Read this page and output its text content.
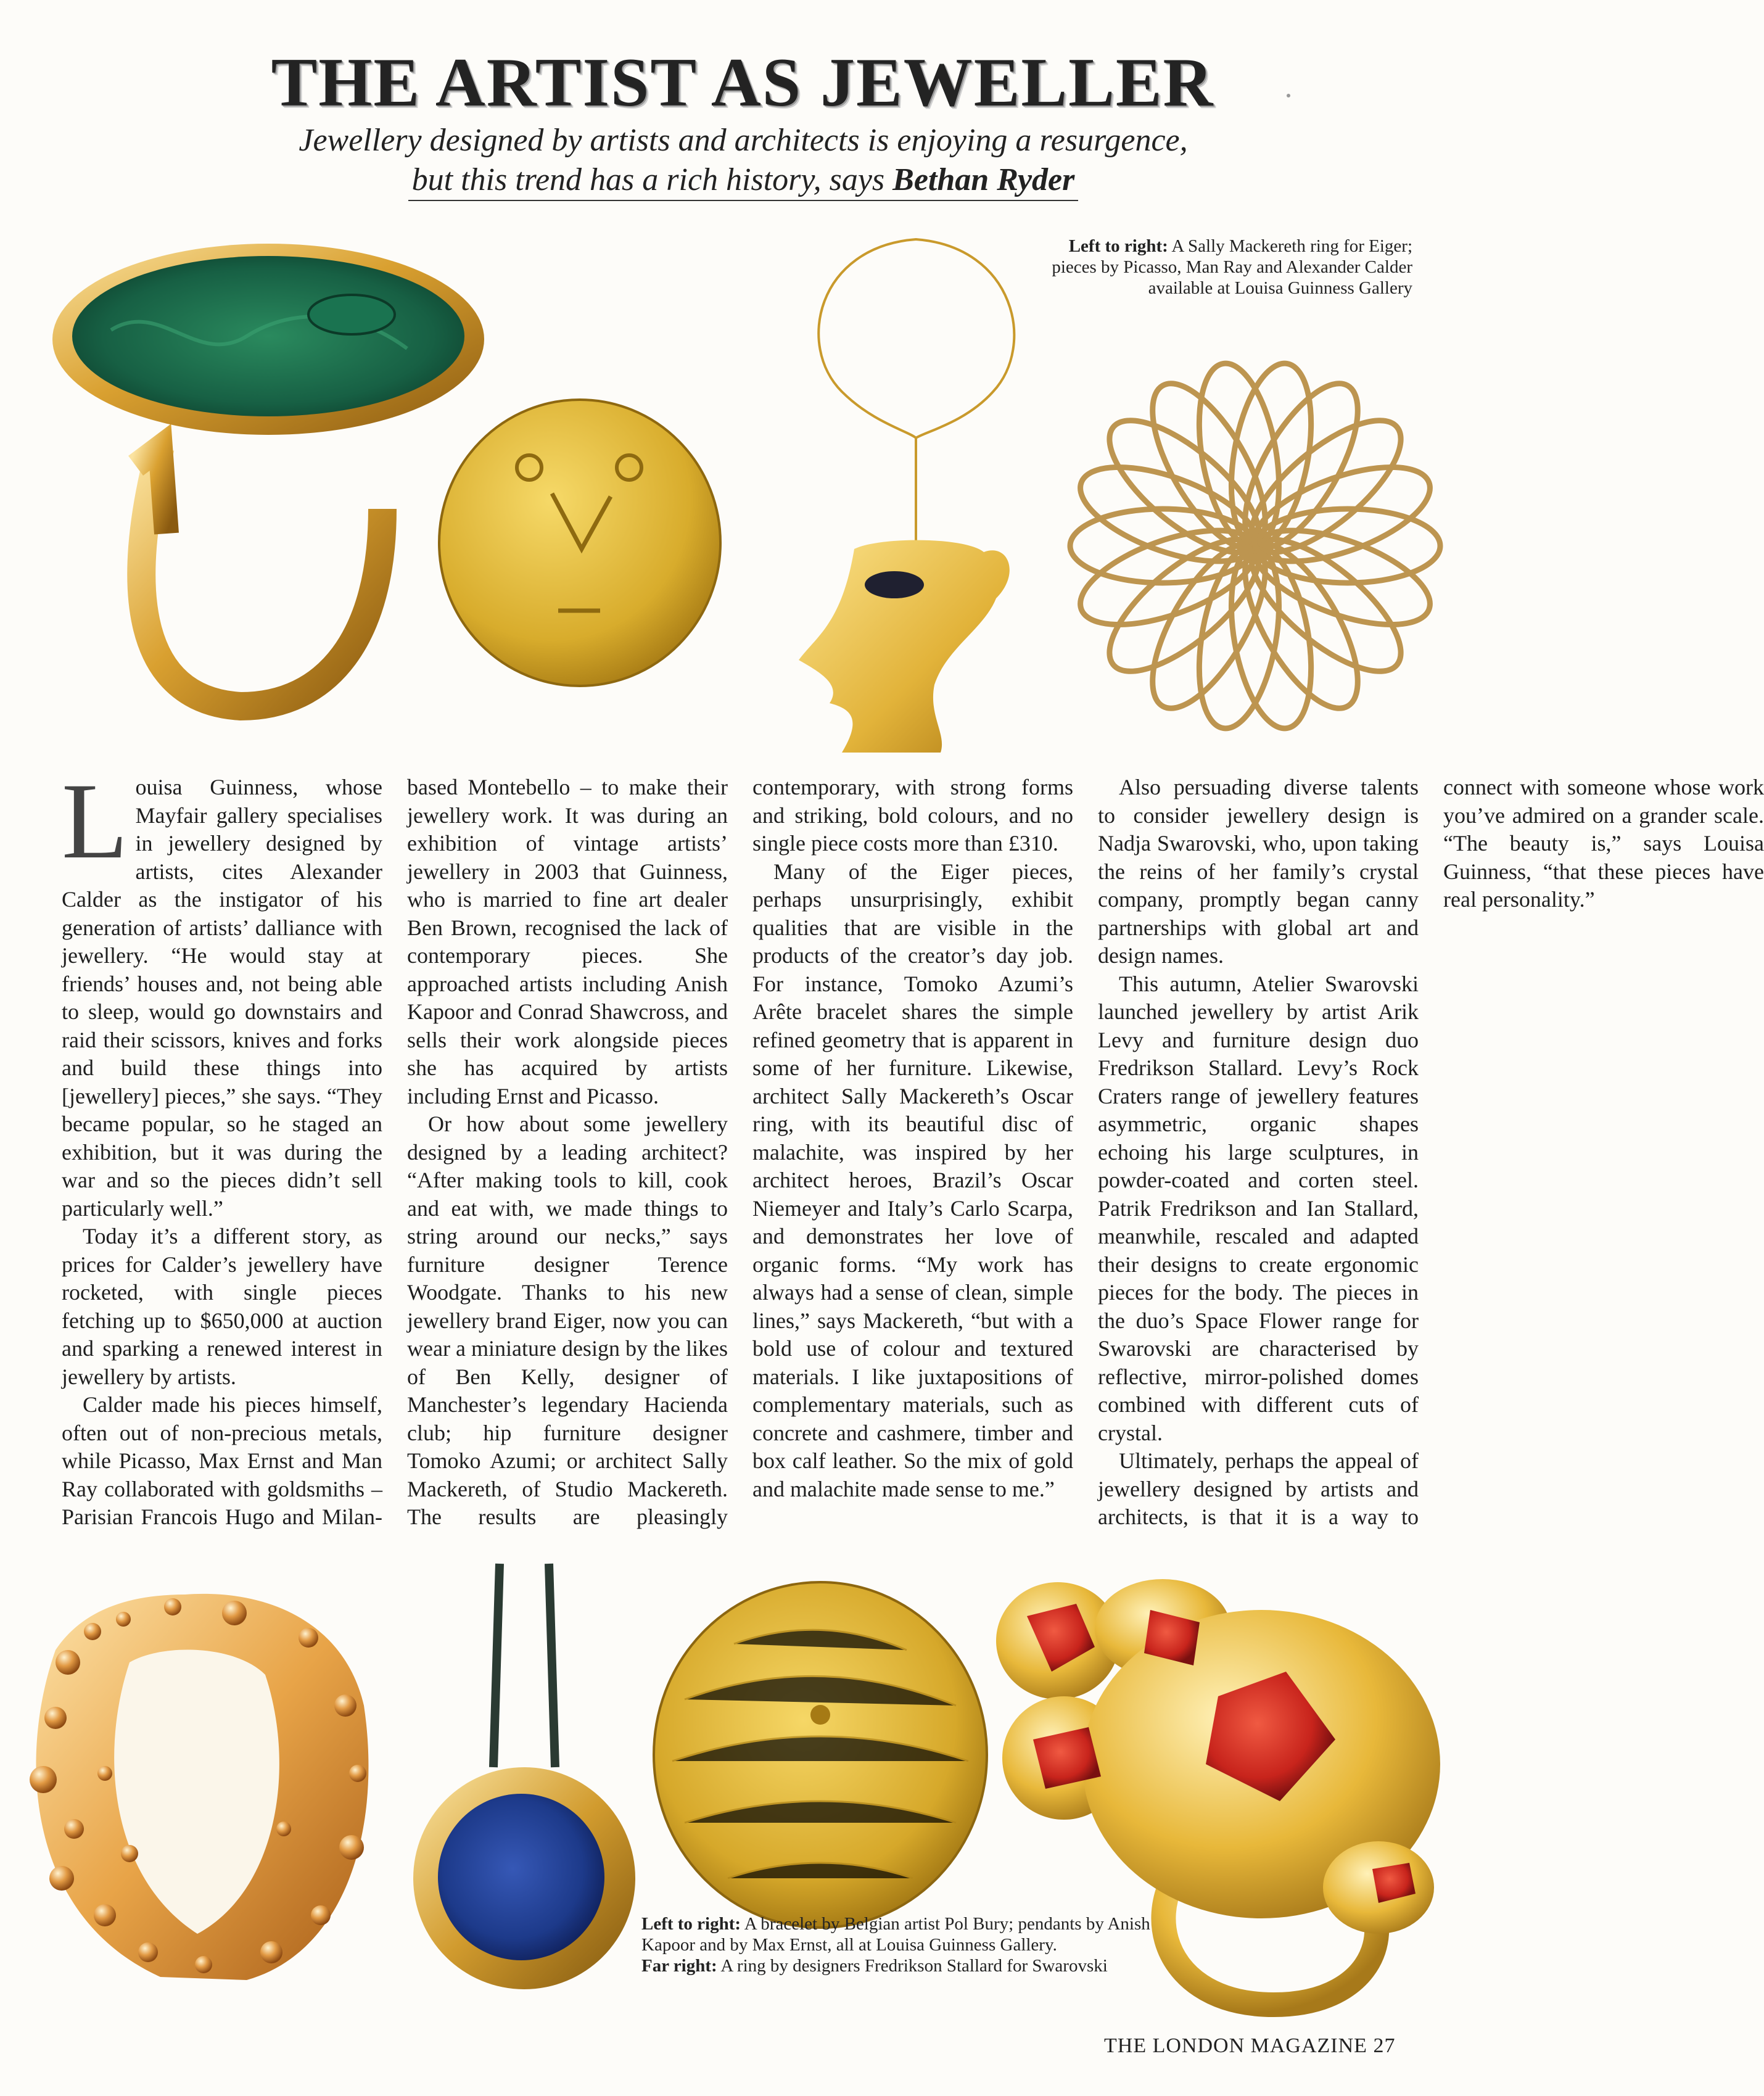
THE ARTIST AS JEWELLER
Jewellery designed by artists and architects is enjoying a resurgence,
but this trend has a rich history, says Bethan Ryder
Left to right: A Sally Mackereth ring for Eiger; pieces by Picasso, Man Ray and Alexander Calder available at Louisa Guinness Gallery

Louisa Guinness, whose Mayfair gallery specialises in jewellery designed by artists, cites Alexander Calder as the instigator of his generation of artists’ dalliance with jewellery. “He would stay at friends’ houses and, not being able to sleep, would go downstairs and raid their scissors, knives and forks and build these things into [jewellery] pieces,” she says. “They became popular, so he staged an exhibition, but it was during the war and so the pieces didn’t sell particularly well.”

Today it’s a different story, as prices for Calder’s jewellery have rocketed, with single pieces fetching up to $650,000 at auction and sparking a renewed interest in jewellery by artists.

Calder made his pieces himself, often out of non-precious metals, while Picasso, Max Ernst and Man Ray collaborated with goldsmiths – Parisian Francois Hugo and Milan-based Montebello – to make their jewellery work. It was during an exhibition of vintage artists’ jewellery in 2003 that Guinness, who is married to fine art dealer Ben Brown, recognised the lack of contemporary pieces. She approached artists including Anish Kapoor and Conrad Shawcross, and sells their work alongside pieces she has acquired by artists including Ernst and Picasso.

Or how about some jewellery designed by a leading architect? “After making tools to kill, cook and eat with, we made things to string around our necks,” says furniture designer Terence Woodgate. Thanks to his new jewellery brand Eiger, now you can wear a miniature design by the likes of Ben Kelly, designer of Manchester’s legendary Hacienda club; hip furniture designer Tomoko Azumi; or architect Sally Mackereth, of Studio Mackereth. The results are pleasingly contemporary, with strong forms and striking, bold colours, and no single piece costs more than £310.

Many of the Eiger pieces, perhaps unsurprisingly, exhibit qualities that are visible in the products of the creator’s day job. For instance, Tomoko Azumi’s Arête bracelet shares the simple refined geometry that is apparent in some of her furniture. Likewise, architect Sally Mackereth’s Oscar ring, with its beautiful disc of malachite, was inspired by her architect heroes, Brazil’s Oscar Niemeyer and Italy’s Carlo Scarpa, and demonstrates her love of organic forms. “My work has always had a sense of clean, simple lines,” says Mackereth, “but with a bold use of colour and textured materials. I like juxtapositions of complementary materials, such as concrete and cashmere, timber and box calf leather. So the mix of gold and malachite made sense to me.”

Also persuading diverse talents to consider jewellery design is Nadja Swarovski, who, upon taking the reins of her family’s crystal company, promptly began canny partnerships with global art and design names.

This autumn, Atelier Swarovski launched jewellery by artist Arik Levy and furniture design duo Fredrikson Stallard. Levy’s Rock Craters range of jewellery features asymmetric, organic shapes echoing his large sculptures, in powder-coated and corten steel. Patrik Fredrikson and Ian Stallard, meanwhile, rescaled and adapted their designs to create ergonomic pieces for the body. The pieces in the duo’s Space Flower range for Swarovski are characterised by reflective, mirror-polished domes combined with different cuts of crystal.

Ultimately, perhaps the appeal of jewellery designed by artists and architects, is that it is a way to connect with someone whose work you’ve admired on a grander scale. “The beauty is,” says Louisa Guinness, “that these pieces have real personality.”

Left to right: A bracelet by Belgian artist Pol Bury; pendants by Anish Kapoor and by Max Ernst, all at Louisa Guinness Gallery.
Far right: A ring by designers Fredrikson Stallard for Swarovski
THE LONDON MAGAZINE 27
